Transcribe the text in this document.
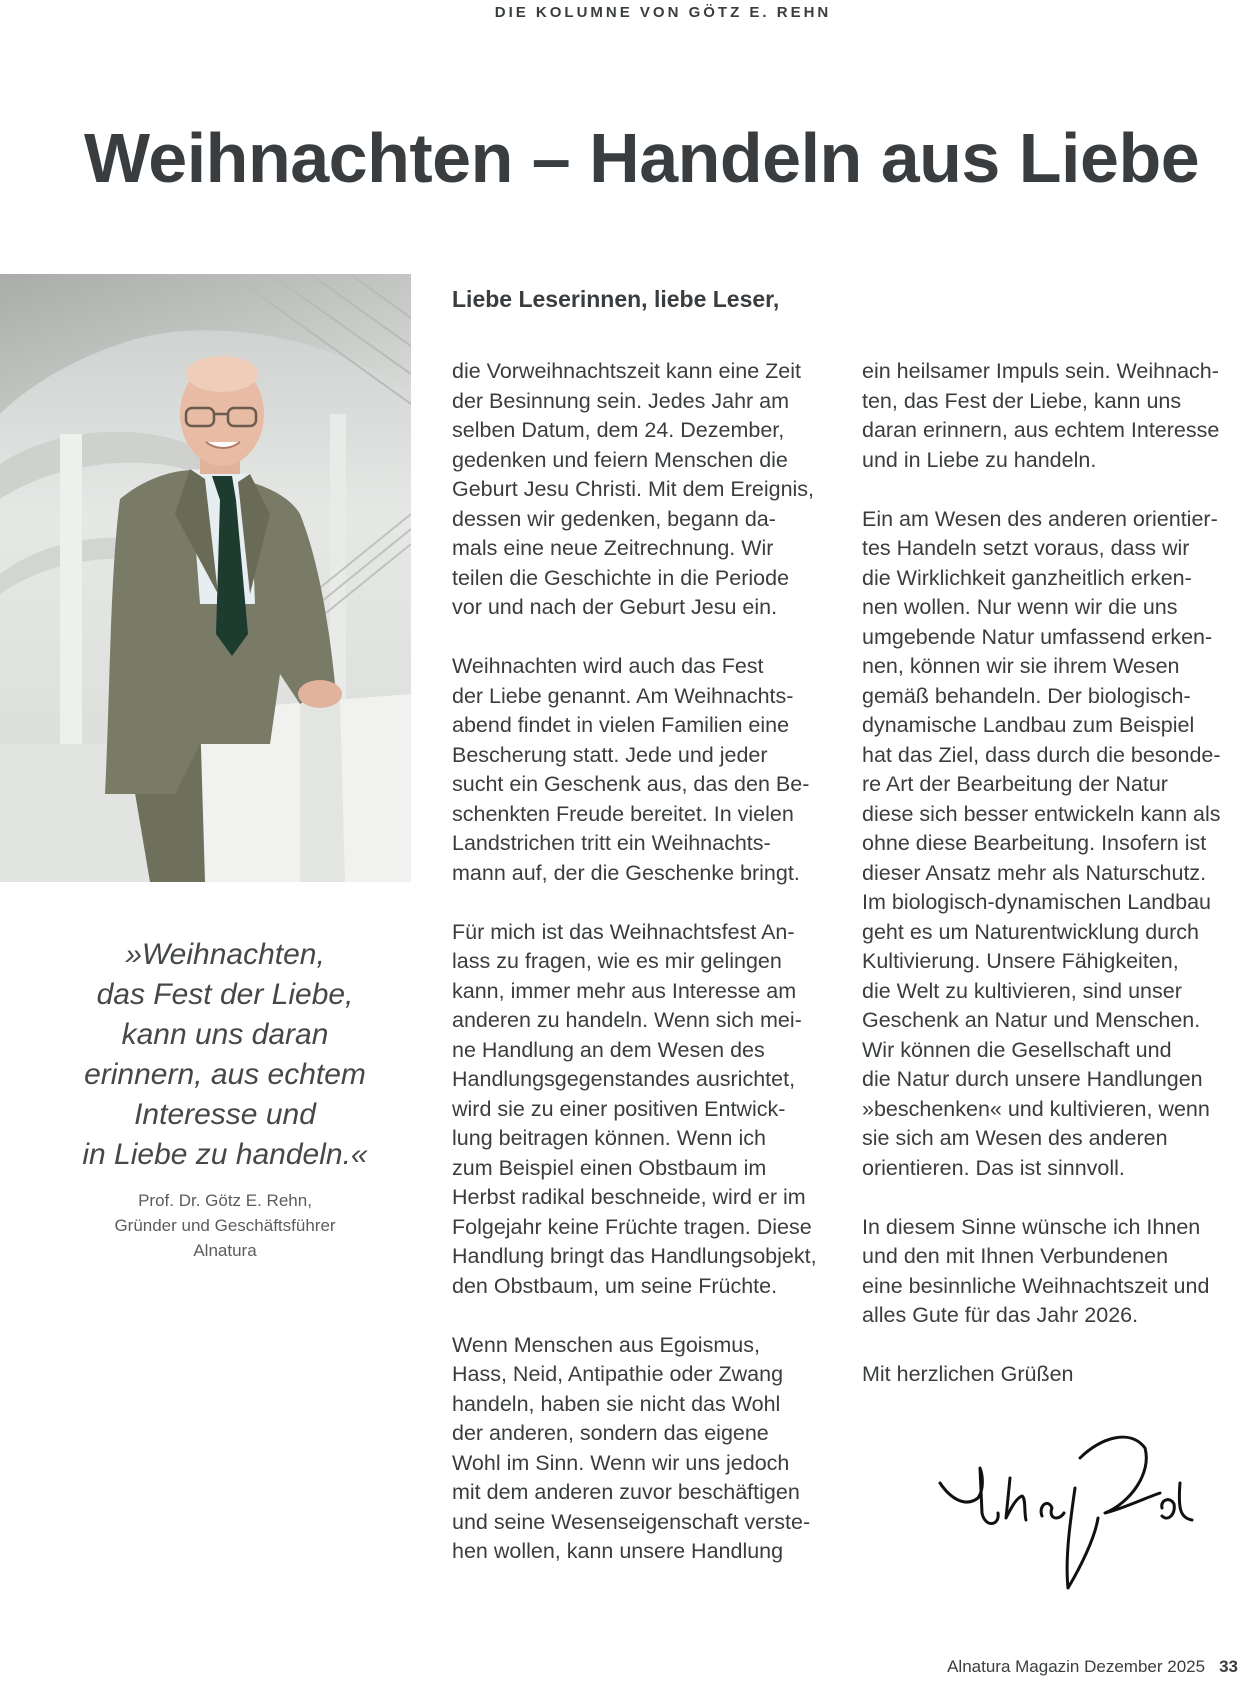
DIE KOLUMNE VON GÖTZ E. REHN
Weihnachten – Handeln aus Liebe

»Weihnachten,
das Fest der Liebe,
kann uns daran
erinnern, aus echtem
Interesse und
in Liebe zu handeln.«

Prof. Dr. Götz E. Rehn,
Gründer und Geschäftsführer
Alnatura
Liebe Leserinnen, liebe Leser,
die Vorweihnachtszeit kann eine Zeit
der Besinnung sein. Jedes Jahr am
selben Datum, dem 24. Dezember,
gedenken und feiern Menschen die
Geburt Jesu Christi. Mit dem Ereignis,
dessen wir gedenken, begann da-
mals eine neue Zeitrechnung. Wir
teilen die Geschichte in die Periode
vor und nach der Geburt Jesu ein.
Weihnachten wird auch das Fest
der Liebe genannt. Am Weihnachts-
abend findet in vielen Familien eine
Bescherung statt. Jede und jeder
sucht ein Geschenk aus, das den Be-
schenkten Freude bereitet. In vielen
Landstrichen tritt ein Weihnachts-
mann auf, der die Geschenke bringt.
Für mich ist das Weihnachtsfest An-
lass zu fragen, wie es mir gelingen
kann, immer mehr aus Interesse am
anderen zu handeln. Wenn sich mei-
ne Handlung an dem Wesen des
Handlungsgegenstandes ausrichtet,
wird sie zu einer positiven Entwick-
lung beitragen können. Wenn ich
zum Beispiel einen Obstbaum im
Herbst radikal beschneide, wird er im
Folgejahr keine Früchte tragen. Diese
Handlung bringt das Handlungsobjekt,
den Obstbaum, um seine Früchte.
Wenn Menschen aus Egoismus,
Hass, Neid, Antipathie oder Zwang
handeln, haben sie nicht das Wohl
der anderen, sondern das eigene
Wohl im Sinn. Wenn wir uns jedoch
mit dem anderen zuvor beschäftigen
und seine Wesenseigenschaft verste-
hen wollen, kann unsere Handlung
ein heilsamer Impuls sein. Weihnach-
ten, das Fest der Liebe, kann uns
daran erinnern, aus echtem Interesse
und in Liebe zu handeln.
Ein am Wesen des anderen orientier-
tes Handeln setzt voraus, dass wir
die Wirklichkeit ganzheitlich erken-
nen wollen. Nur wenn wir die uns
umgebende Natur umfassend erken-
nen, können wir sie ihrem Wesen
gemäß behandeln. Der biologisch-
dynamische Landbau zum Beispiel
hat das Ziel, dass durch die besonde-
re Art der Bearbeitung der Natur
diese sich besser entwickeln kann als
ohne diese Bearbeitung. Insofern ist
dieser Ansatz mehr als Naturschutz.
Im biologisch-dynamischen Landbau
geht es um Naturentwicklung durch
Kultivierung. Unsere Fähigkeiten,
die Welt zu kultivieren, sind unser
Geschenk an Natur und Menschen.
Wir können die Gesellschaft und
die Natur durch unsere Handlungen
»beschenken« und kultivieren, wenn
sie sich am Wesen des anderen
orientieren. Das ist sinnvoll.
In diesem Sinne wünsche ich Ihnen
und den mit Ihnen Verbundenen
eine besinnliche Weihnachtszeit und
alles Gute für das Jahr 2026.
Mit herzlichen Grüßen
Alnatura Magazin Dezember 2025 33
